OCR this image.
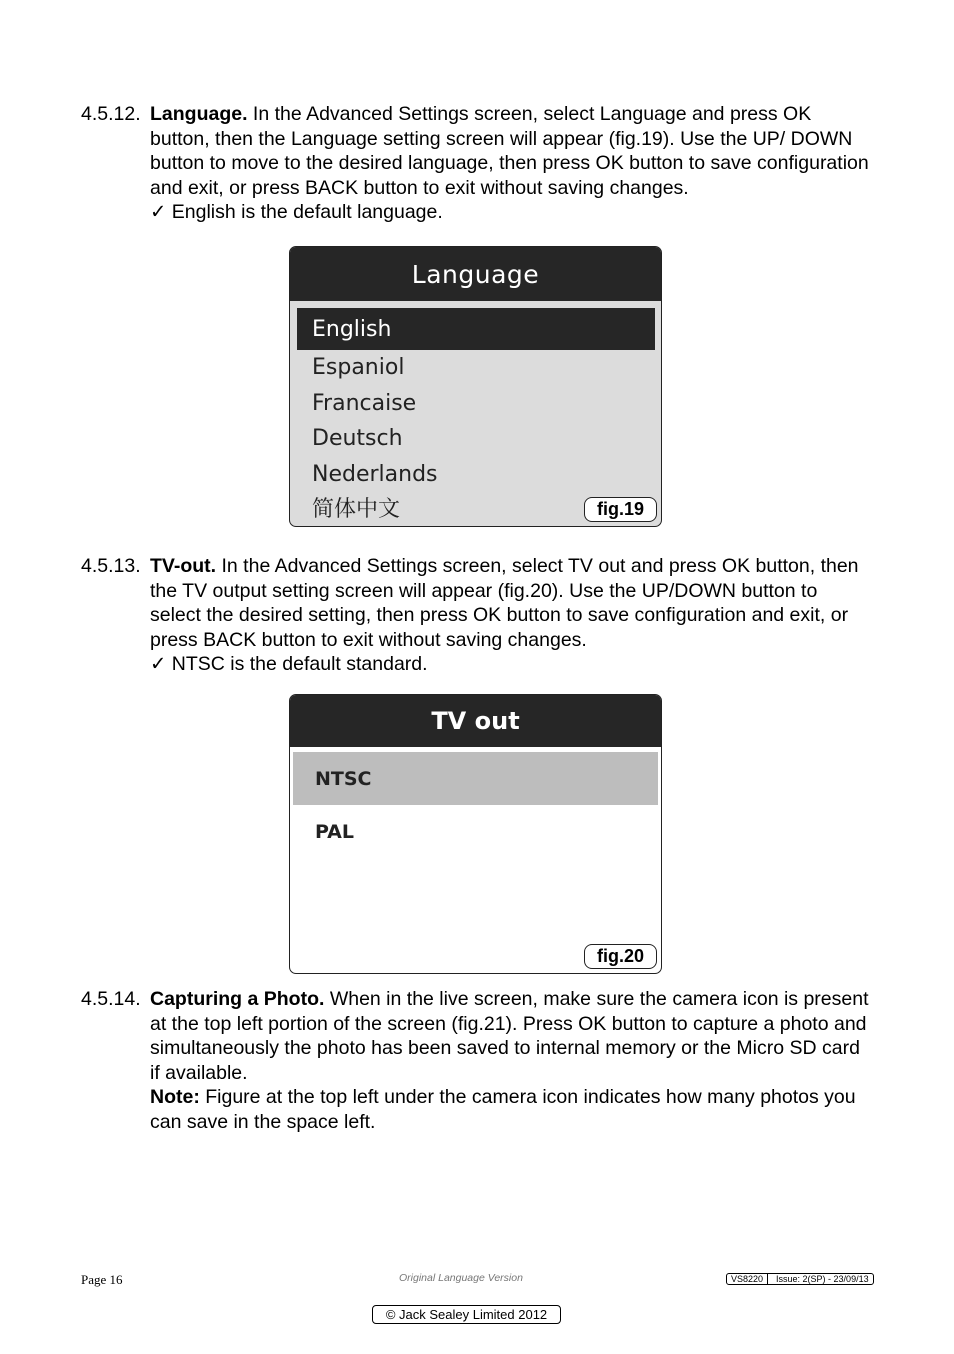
4.5.12. Language. In the Advanced Settings screen, select Language and press OK button, then the Language setting screen will appear (fig.19). Use the UP/ DOWN button to move to the desired language, then press OK button to save configuration and exit, or press BACK button to exit without saving changes.

✓ English is the default language.
Language
English
Espaniol
Francaise
Deutsch
Nederlands
简体中文	fig.19
4.5.13. TV-out. In the Advanced Settings screen, select TV out and press OK button, then the TV output setting screen will appear (fig.20). Use the UP/DOWN button to select the desired setting, then press OK button to save configuration and exit, or press BACK button to exit without saving changes.

✓ NTSC is the default standard.
TV out
NTSC
PAL
fig.20
4.5.14. Capturing a Photo. When in the live screen, make sure the camera icon is present at the top left portion of the screen (fig.21). Press OK button to capture a photo and simultaneously the photo has been saved to internal memory or the Micro SD card if available.

Note: Figure at the top left under the camera icon indicates how many photos you can save in the space left.

Page 16	Original Language Version	VS8220	Issue: 2(SP) - 23/09/13
© Jack Sealey Limited 2012
